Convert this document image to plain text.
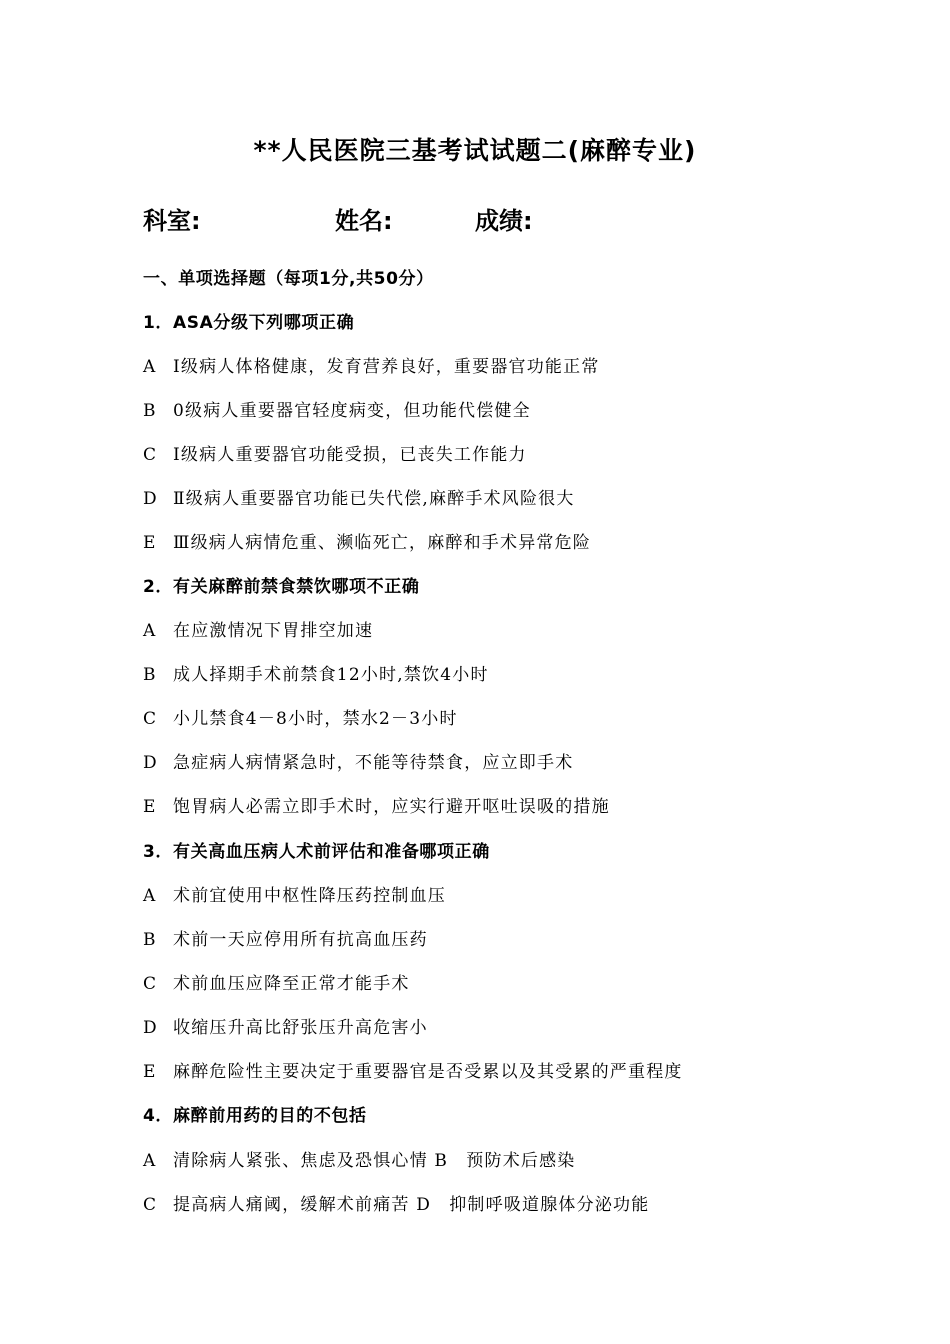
**人民医院三基考试试题二(麻醉专业)
科室:	姓名:	成绩:
一、单项选择题（每项1分,共50分）
1．ASA分级下列哪项正确
A Ⅰ级病人体格健康，发育营养良好，重要器官功能正常
B 0级病人重要器官轻度病变，但功能代偿健全
C Ⅰ级病人重要器官功能受损，已丧失工作能力
D Ⅱ级病人重要器官功能已失代偿,麻醉手术风险很大
E Ⅲ级病人病情危重、濒临死亡，麻醉和手术异常危险
2．有关麻醉前禁食禁饮哪项不正确
A 在应激情况下胃排空加速
B 成人择期手术前禁食12小时,禁饮4小时
C 小儿禁食4－8小时，禁水2－3小时
D 急症病人病情紧急时，不能等待禁食，应立即手术
E 饱胃病人必需立即手术时，应实行避开呕吐误吸的措施
3．有关高血压病人术前评估和准备哪项正确
A 术前宜使用中枢性降压药控制血压
B 术前一天应停用所有抗高血压药
C 术前血压应降至正常才能手术
D 收缩压升高比舒张压升高危害小
E 麻醉危险性主要决定于重要器官是否受累以及其受累的严重程度
4．麻醉前用药的目的不包括
A 清除病人紧张、焦虑及恐惧心情 B　预防术后感染
C 提高病人痛阈，缓解术前痛苦 D　抑制呼吸道腺体分泌功能
